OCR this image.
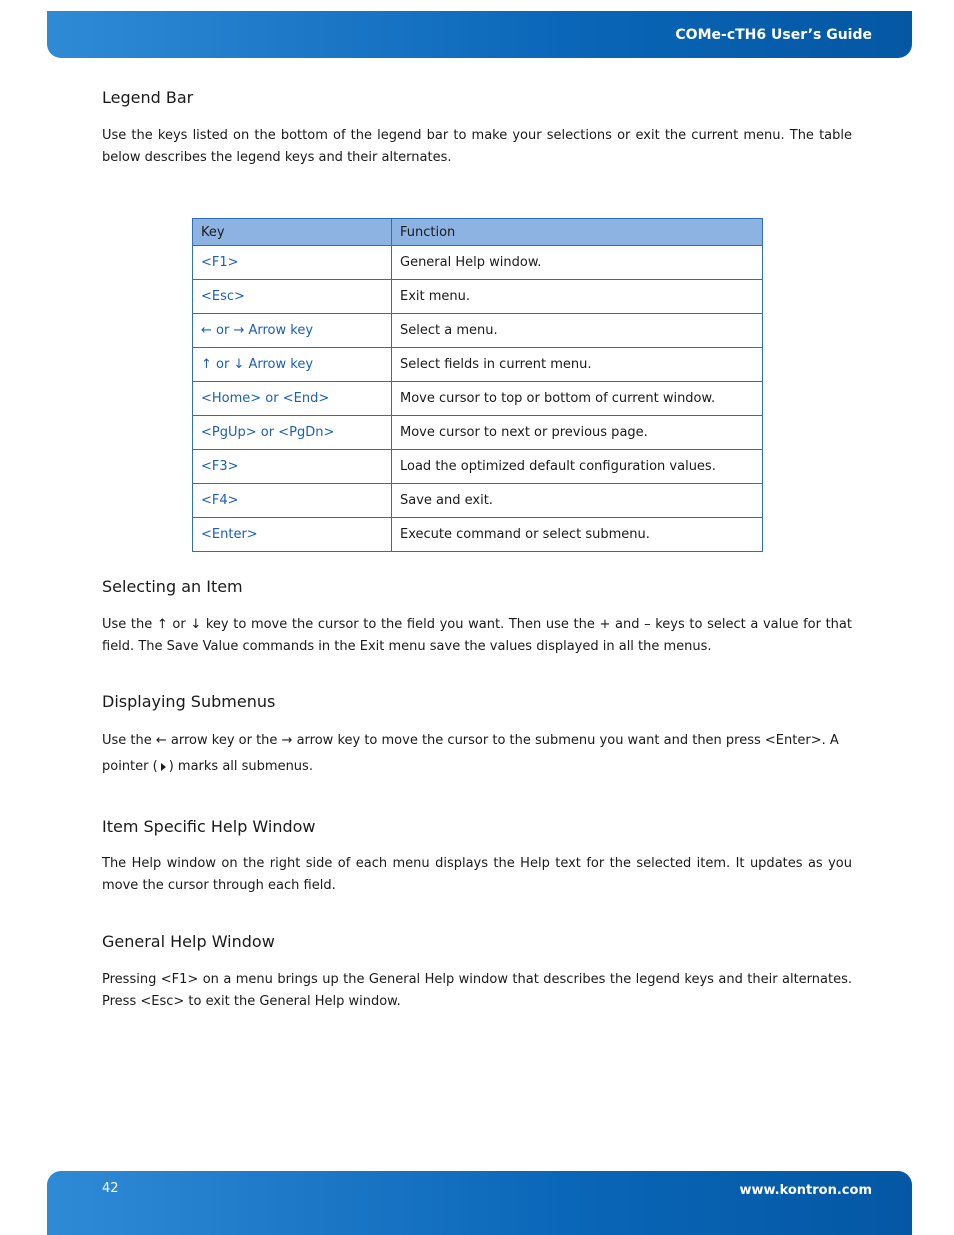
COMe-cTH6 User’s Guide
Legend Bar

Use the keys listed on the bottom of the legend bar to make your selections or exit the current menu. The table below describes the legend keys and their alternates.

Selecting an Item

Use the ↑ or ↓ key to move the cursor to the field you want. Then use the + and – keys to select a value for that field. The Save Value commands in the Exit menu save the values displayed in all the menus.

Displaying Submenus

Use the ← arrow key or the → arrow key to move the cursor to the submenu you want and then press <Enter>. A

pointer ( ) marks all submenus.

Item Specific Help Window

The Help window on the right side of each menu displays the Help text for the selected item. It updates as you move the cursor through each field.

General Help Window

Pressing <F1> on a menu brings up the General Help window that describes the legend keys and their alternates. Press <Esc> to exit the General Help window.

Key	Function
<F1>	General Help window.
<Esc>	Exit menu.
← or → Arrow key	Select a menu.
↑ or ↓ Arrow key	Select fields in current menu.
<Home> or <End>	Move cursor to top or bottom of current window.
<PgUp> or <PgDn>	Move cursor to next or previous page.
<F3>	Load the optimized default configuration values.
<F4>	Save and exit.
<Enter>	Execute command or select submenu.
42	www.kontron.com
